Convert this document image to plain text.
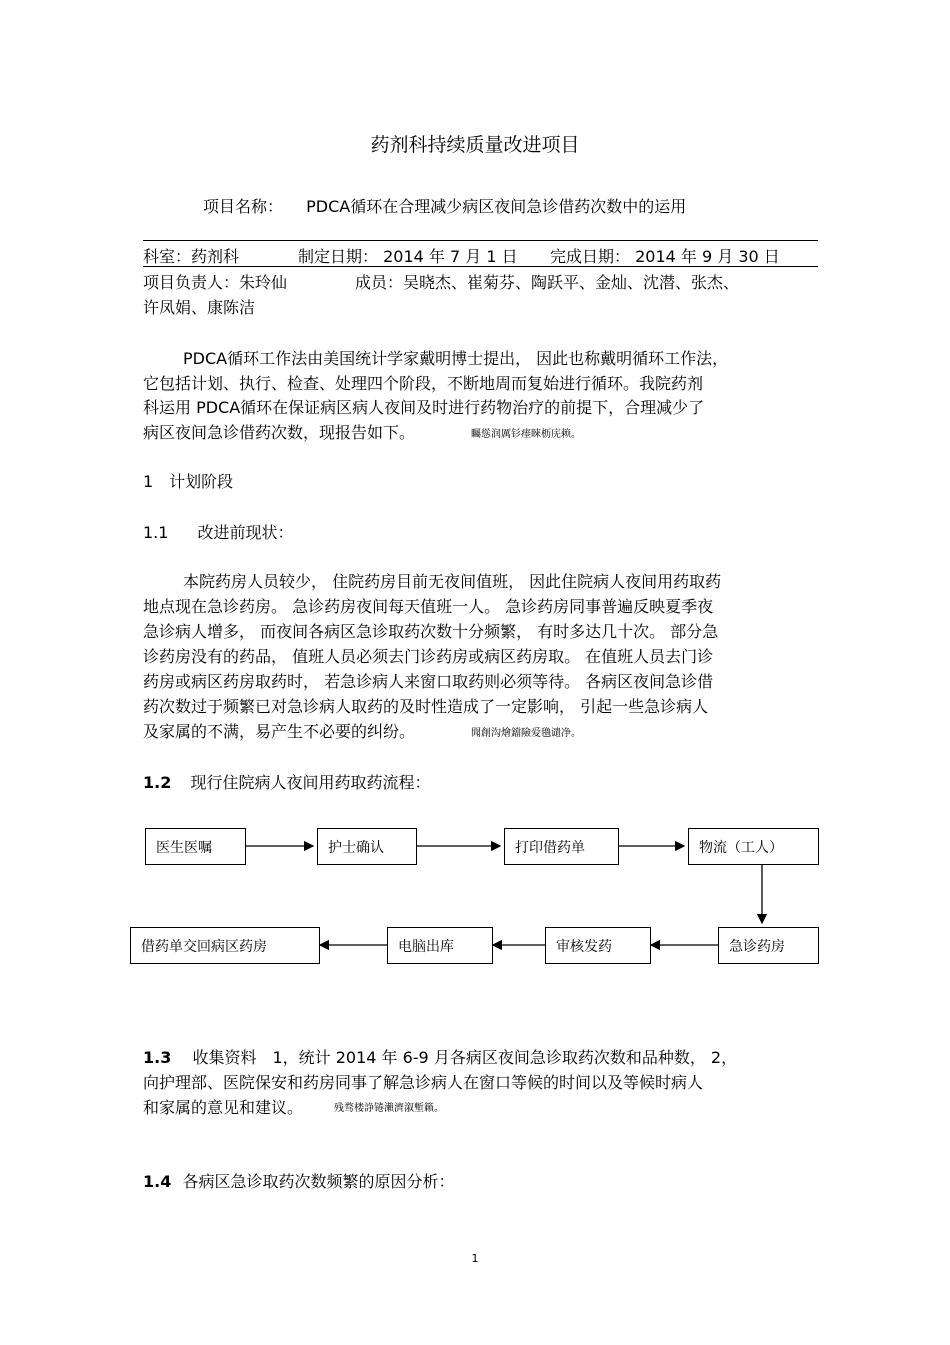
药剂科持续质量改进项目
项目名称： PDCA循环在合理减少病区夜间急诊借药次数中的运用
科室：药剂科	制定日期： 2014 年 7 月 1 日 完成日期： 2014 年 9 月 30 日
项目负责人：朱玲仙	成员：吴晓杰、崔菊芬、陶跃平、金灿、沈潜、张杰、
许凤娟、康陈洁
PDCA循环工作法由美国统计学家戴明博士提出， 因此也称戴明循环工作法，
它包括计划、执行、检查、处理四个阶段，不断地周而复始进行循环。我院药剂
科运用 PDCA循环在保证病区病人夜间及时进行药物治疗的前提下，合理减少了
病区夜间急诊借药次数，现报告如下。	矚慫润厲钐瘗睞枥庑赖。
1　计划阶段
1.1 改进前现状：
本院药房人员较少， 住院药房目前无夜间值班， 因此住院病人夜间用药取药
地点现在急诊药房。 急诊药房夜间每天值班一人。 急诊药房同事普遍反映夏季夜
急诊病人增多， 而夜间各病区急诊取药次数十分频繁， 有时多达几十次。 部分急
诊药房没有的药品， 值班人员必须去门诊药房或病区药房取。 在值班人员去门诊
药房或病区药房取药时， 若急诊病人来窗口取药则必须等待。 各病区夜间急诊借
药次数过于频繁已对急诊病人取药的及时性造成了一定影响， 引起一些急诊病人
及家属的不满，易产生不必要的纠纷。	聞創沟燴鐺險爱氇谴净。
1.2 现行住院病人夜间用药取药流程：
医生医嘱	护士确认	打印借药单	物流（工人）
急诊药房
审核发药
电脑出库
借药单交回病区药房
1.3 收集资料　1，统计 2014 年 6-9 月各病区夜间急诊取药次数和品种数， 2，
向护理部、医院保安和药房同事了解急诊病人在窗口等候的时间以及等候时病人
和家属的意见和建议。	残骛楼諍锩瀨濟溆塹籟。
1.4 各病区急诊取药次数频繁的原因分析：
1
